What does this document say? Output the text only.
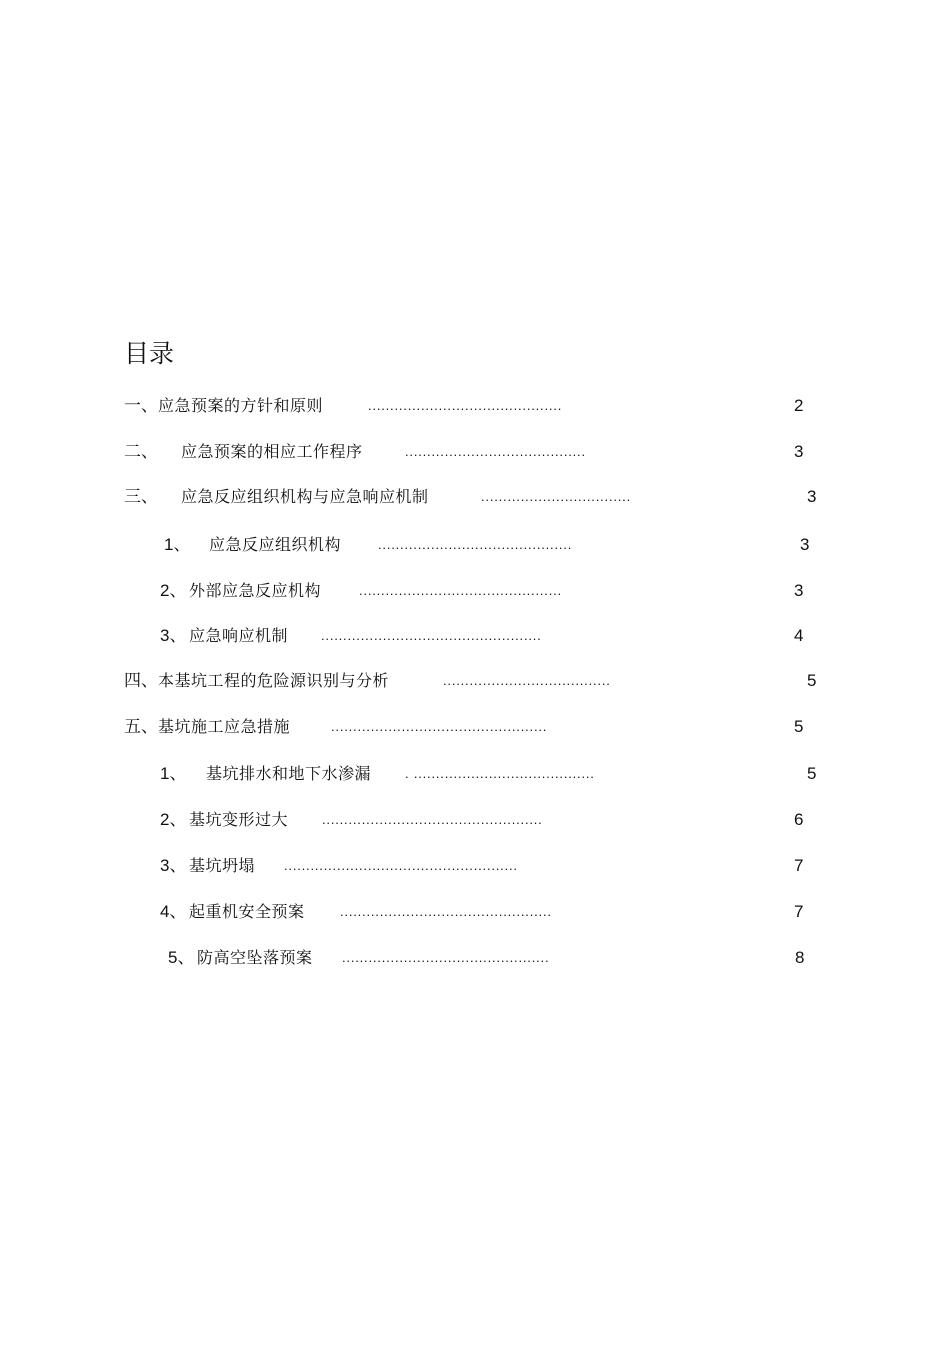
目录
一、 应急预案的方针和原则	............................................	2
二、 应急预案的相应工作程序	.........................................	3
三、 应急反应组织机构与应急响应机制	..................................	3
1、 应急反应组织机构	............................................	3
2、 外部应急反应机构	..............................................	3
3、 应急响应机制	..................................................	4
四、 本基坑工程的危险源识别与分析	......................................	5
五、 基坑施工应急措施	.................................................	5
1、 基坑排水和地下水渗漏	. .........................................	5
2、 基坑变形过大	..................................................	6
3、 基坑坍塌 .....................................................	7
4、 起重机安全预案	................................................	7
5、 防高空坠落预案 ...............................................	8
